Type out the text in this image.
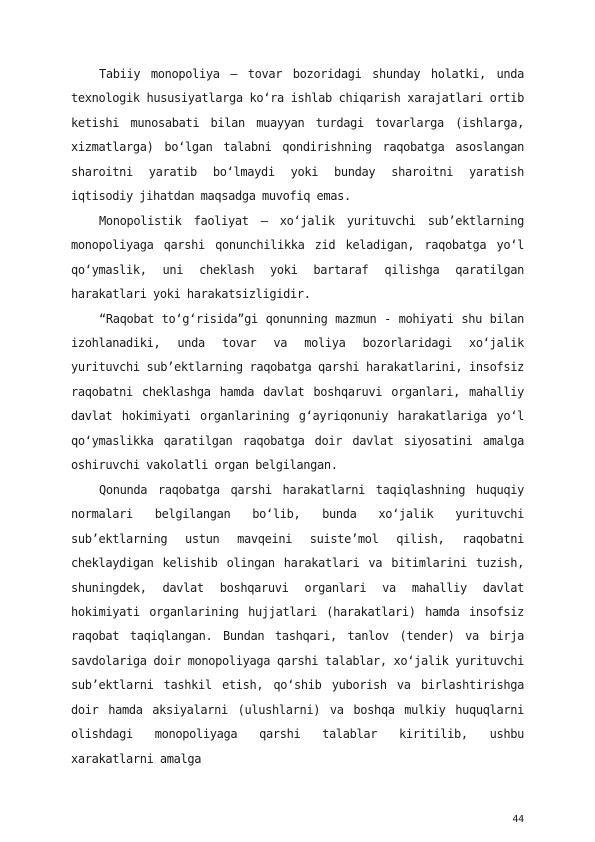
Tabiiy monopoliya — tovar bozoridagi shunday holatki, unda texnologik hususiyatlarga ko‘ra ishlab chiqarish xarajatlari ortib ketishi munosabati bilan muayyan turdagi tovarlarga (ishlarga, xizmatlarga) bo‘lgan talabni qondirishning raqobatga asoslangan sharoitni yaratib bo‘lmaydi yoki bunday sharoitni yaratish iqtisodiy jihatdan maqsadga muvofiq emas.

Monopolistik faoliyat – xo‘jalik yurituvchi sub’ektlarning monopoliyaga qarshi qonunchilikka zid keladigan, raqobatga yo‘l qo‘ymaslik, uni cheklash yoki bartaraf qilishga qaratilgan harakatlari yoki harakatsizligidir.

“Raqobat to‘g‘risida”gi qonunning mazmun - mohiyati shu bilan izohlanadiki, unda tovar va moliya bozorlaridagi xo‘jalik yurituvchi sub’ektlarning raqobatga qarshi harakatlarini, insofsiz raqobatni cheklashga hamda davlat boshqaruvi organlari, mahalliy davlat hokimiyati organlarining g‘ayriqonuniy harakatlariga yo‘l qo‘ymaslikka qaratilgan raqobatga doir davlat siyosatini amalga oshiruvchi vakolatli organ belgilangan.

Qonunda raqobatga qarshi harakatlarni taqiqlashning huquqiy normalari belgilangan bo‘lib, bunda xo‘jalik yurituvchi sub’ektlarning ustun mavqeini suiste’mol qilish, raqobatni cheklaydigan kelishib olingan harakatlari va bitimlarini tuzish, shuningdek, davlat boshqaruvi organlari va mahalliy davlat hokimiyati organlarining hujjatlari (harakatlari) hamda insofsiz raqobat taqiqlangan. Bundan tashqari, tanlov (tender) va birja savdolariga doir monopoliyaga qarshi talablar, xo‘jalik yurituvchi sub’ektlarni tashkil etish, qo‘shib yuborish va birlashtirishga doir hamda aksiyalarni (ulushlarni) va boshqa mulkiy huquqlarni olishdagi monopoliyaga qarshi talablar kiritilib, ushbu xarakatlarni amalga

44
